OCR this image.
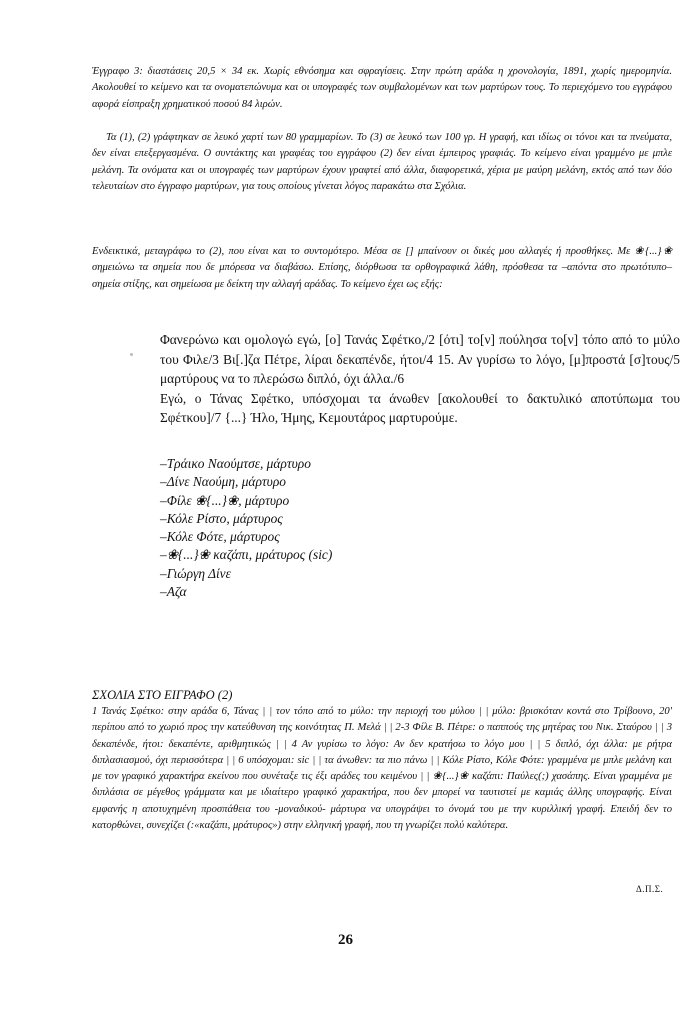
Έγγραφο 3: διαστάσεις 20,5 × 34 εκ. Χωρίς εθνόσημα και σφραγίσεις. Στην πρώτη αράδα η χρονολογία, 1891, χωρίς ημερομηνία. Ακολουθεί το κείμενο και τα ονοματεπώνυμα και οι υπογραφές των συμβαλομένων και των μαρτύρων τους. Το περιεχόμενο του εγγράφου αφορά είσπραξη χρηματικού ποσού 84 λιρών.

Τα (1), (2) γράφτηκαν σε λευκό χαρτί των 80 γραμμαρίων. Το (3) σε λευκό των 100 γρ. Η γραφή, και ιδίως οι τόνοι και τα πνεύματα, δεν είναι επεξεργασμένα. Ο συντάκτης και γραφέας του εγγράφου (2) δεν είναι έμπειρος γραφιάς. Το κείμενο είναι γραμμένο με μπλε μελάνη. Τα ονόματα και οι υπογραφές των μαρτύρων έχουν γραφτεί από άλλα, διαφορετικά, χέρια με μαύρη μελάνη, εκτός από των δύο τελευταίων στο έγγραφο μαρτύρων, για τους οποίους γίνεται λόγος παρακάτω στα Σχόλια.

Ενδεικτικά, μεταγράφω το (2), που είναι και το συντομότερο. Μέσα σε [] μπαίνουν οι δικές μου αλλαγές ή προσθήκες. Με ❀{...}❀ σημειώνω τα σημεία που δε μπόρεσα να διαβάσω. Επίσης, διόρθωσα τα ορθογραφικά λάθη, πρόσθεσα τα –απόντα στο πρωτότυπο– σημεία στίξης, και σημείωσα με δείκτη την αλλαγή αράδας. Το κείμενο έχει ως εξής:

Φανερώνω και ομολογώ εγώ, [ο] Τανάς Σφέτκο,/2 [ότι] το[ν] πούλησα το[ν] τόπο από το μύλο του Φιλε/3 Βι[.]ζα Πέτρε, λίραι δεκαπένδε, ήτοι/4 15. Αν γυρίσω το λόγο, [μ]προστά [σ]τους/5 μαρτύρους να το πλερώσω διπλό, όχι άλλα./6

Εγώ, ο Τάνας Σφέτκο, υπόσχομαι τα άνωθεν [ακολουθεί το δακτυλικό αποτύπωμα του Σφέτκου]/7 {...} Ήλο, Ήμης, Κεμουτάρος μαρτυρούμε.

–Τράικο Ναούμτσε, μάρτυρο
–Δίνε Ναούμη, μάρτυρο
–Φίλε ❀{...}❀, μάρτυρο
–Κόλε Ρίστο, μάρτυρος
–Κόλε Φότε, μάρτυρος
–❀{...}❀ καζάπι, μράτυρος (sic)
–Γιώργη Δίνε
–Αζα
ΣΧΟΛΙΑ ΣΤΟ ΕΙΓΡΑΦΟ (2)

1 Τανάς Σφέτκο: στην αράδα 6, Τάνας | | τον τόπο από το μύλο: την περιοχή του μύλου | | μύλο: βρισκόταν κοντά στο Τρίβουνο, 20' περίπου από το χωριό προς την κατεύθυνση της κοινότητας Π. Μελά | | 2-3 Φίλε Β. Πέτρε: ο παππούς της μητέρας του Νικ. Σταύρου | | 3 δεκαπένδε, ήτοι: δεκαπέντε, αριθμητικώς | | 4 Αν γυρίσω το λόγο: Αν δεν κρατήσω το λόγο μου | | 5 διπλό, όχι άλλα: με ρήτρα διπλασιασμού, όχι περισσότερα | | 6 υπόσχομαι: sic | | τα άνωθεν: τα πιο πάνω | | Κόλε Ρίστο, Κόλε Φότε: γραμμένα με μπλε μελάνη και με τον γραφικό χαρακτήρα εκείνου που συνέταξε τις έξι αράδες του κειμένου | | ❀{...}❀ καζάπι: Παύλες(;) χασάπης. Είναι γραμμένα με διπλάσια σε μέγεθος γράμματα και με ιδιαίτερο γραφικό χαρακτήρα, που δεν μπορεί να ταυτιστεί με καμιάς άλλης υπογραφής. Είναι εμφανής η αποτυχημένη προσπάθεια του -μοναδικού- μάρτυρα να υπογράψει το όνομά του με την κυριλλική γραφή. Επειδή δεν το κατορθώνει, συνεχίζει (:«καζάπι, μράτυρος») στην ελληνική γραφή, που τη γνωρίζει πολύ καλύτερα.

Δ.Π.Σ.
26
